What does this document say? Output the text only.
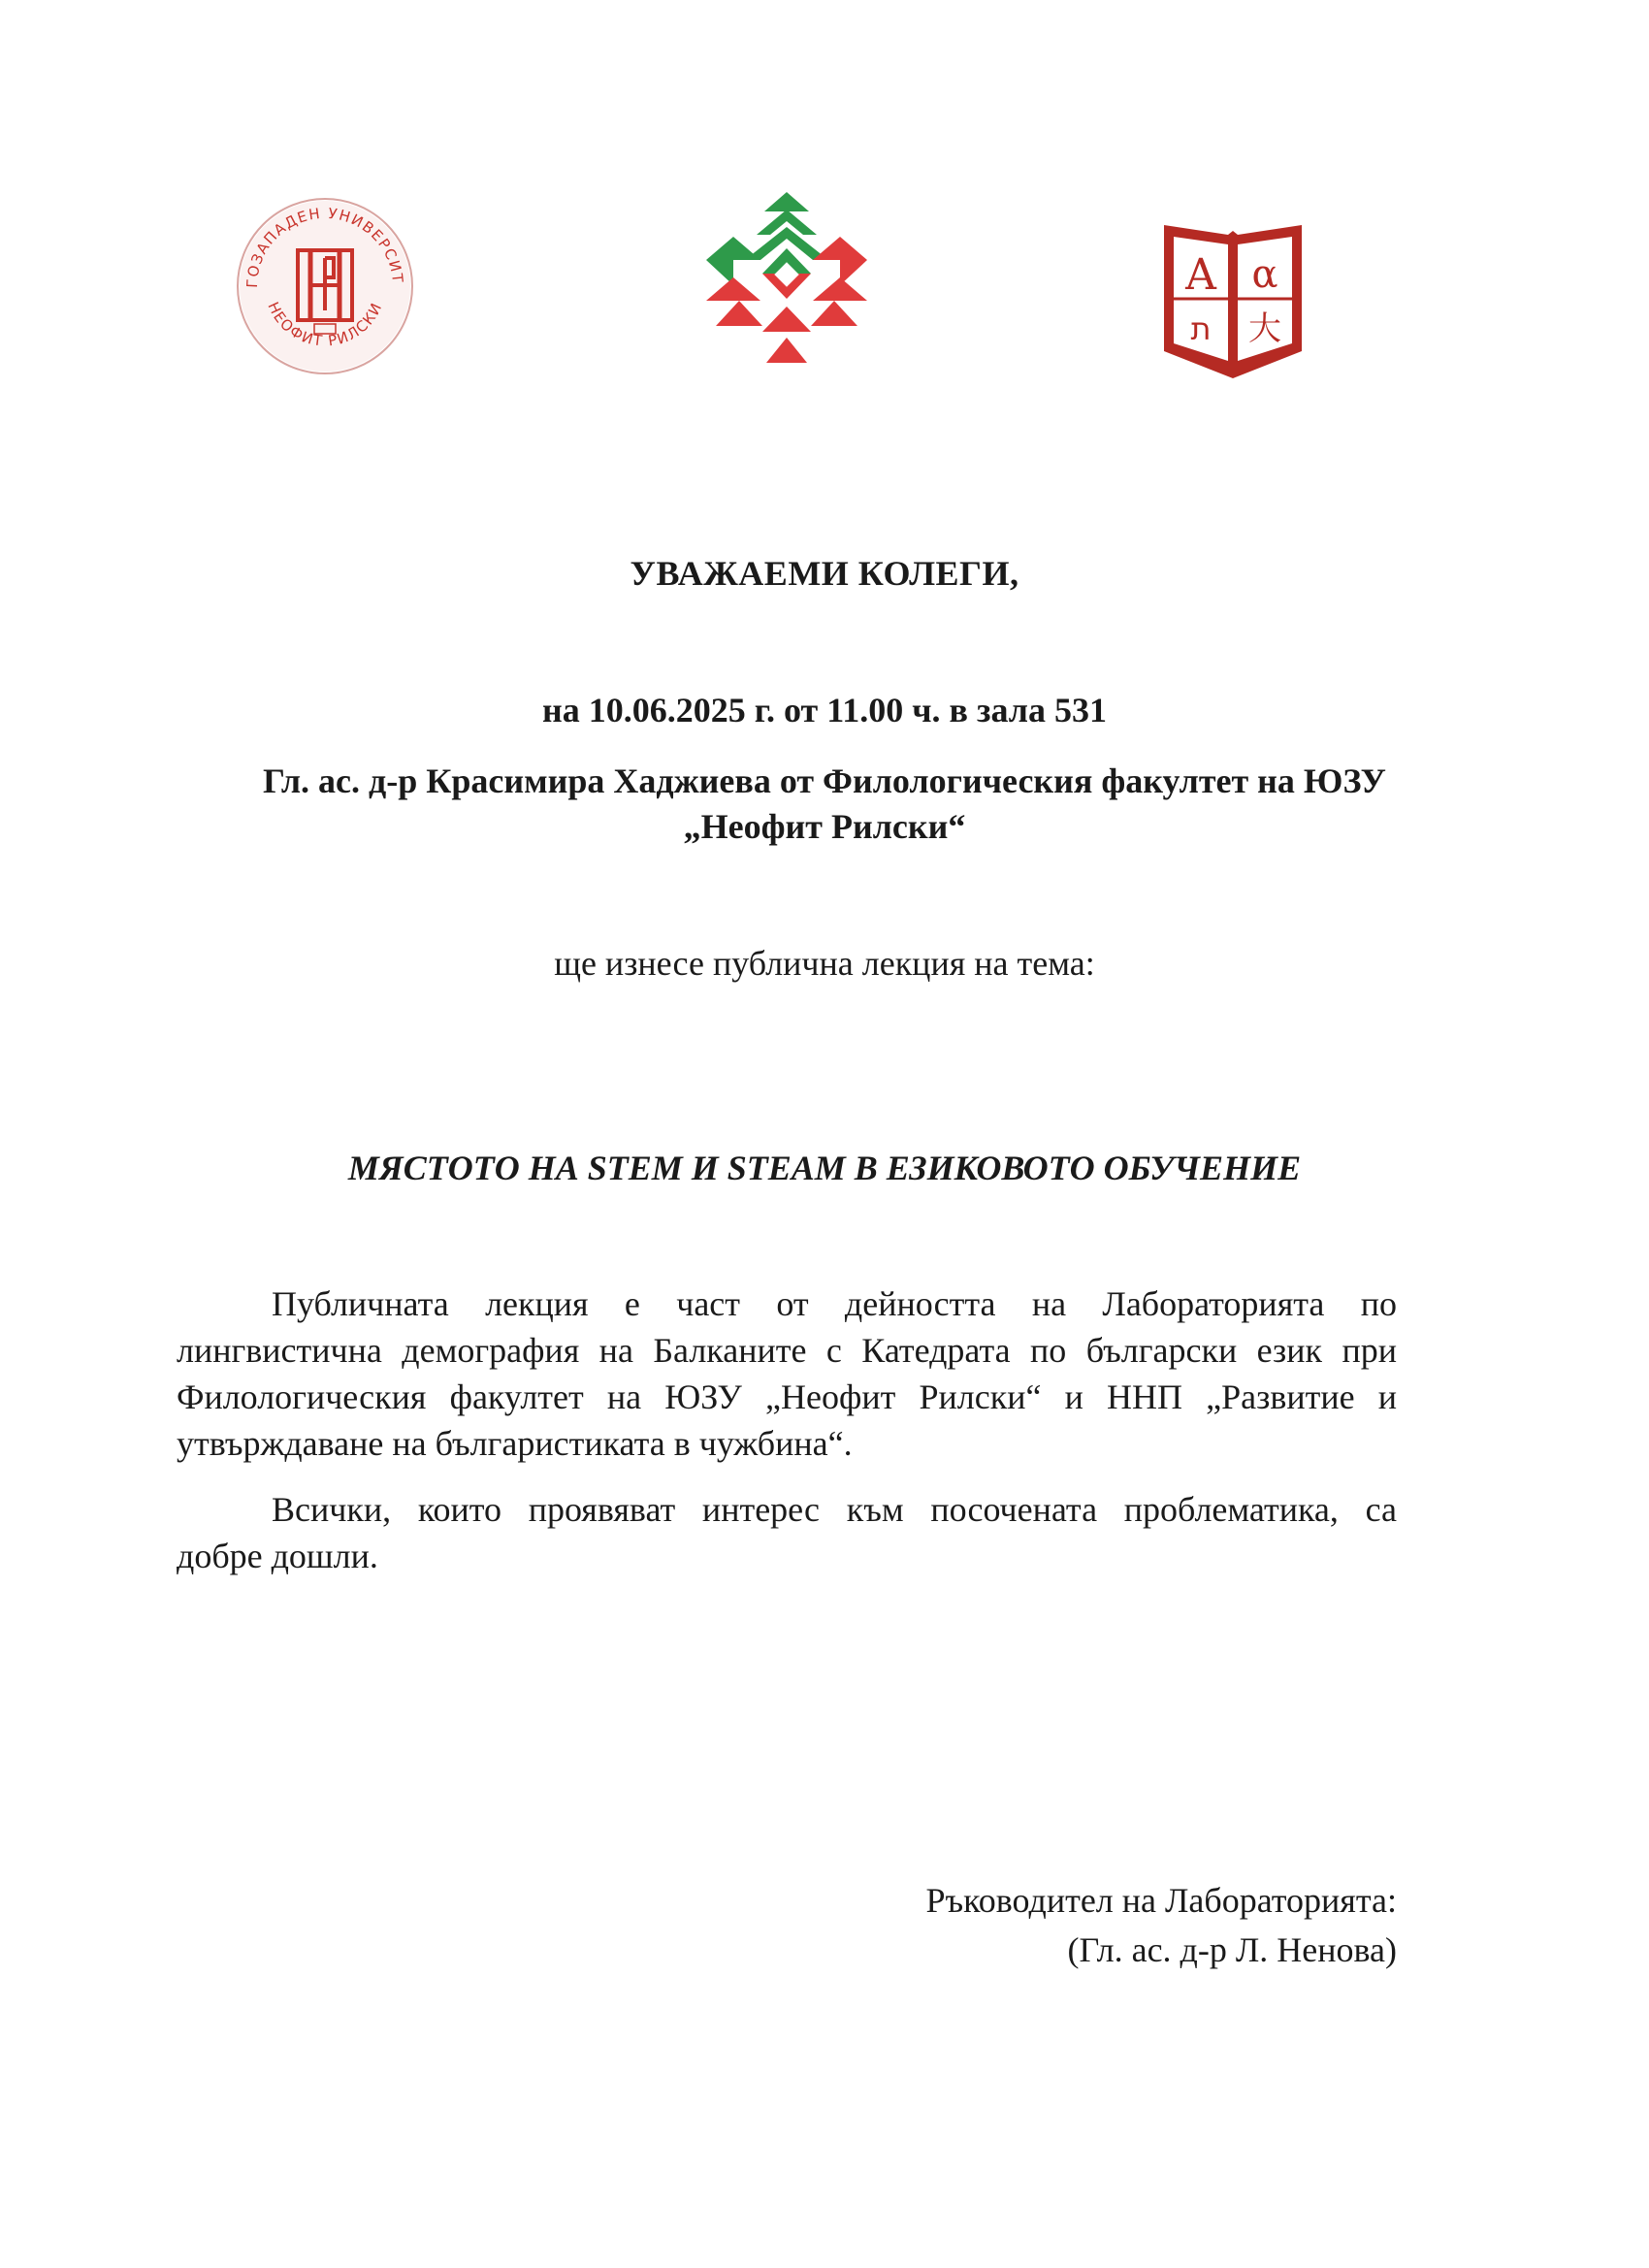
ГОЗАПАДЕН УНИВЕРСИТ
НЕОФИТ РИЛСКИ
Α α
ת 大
УВАЖАЕМИ КОЛЕГИ,
на 10.06.2025 г. от 11.00 ч. в зала 531
Гл. ас. д-р Красимира Хаджиева от Филологическия факултет на ЮЗУ
„Неофит Рилски“
ще изнесе публична лекция на тема:
МЯСТОТО НА STEM И STEAM В ЕЗИКОВОТО ОБУЧЕНИЕ
Публичната лекция е част от дейността на Лабораторията по
лингвистична демография на Балканите с Катедрата по български език при
Филологическия факултет на ЮЗУ „Неофит Рилски“ и ННП „Развитие и
утвърждаване на българистиката в чужбина“.
Всички, които проявяват интерес към посочената проблематика, са
добре дошли.
Ръководител на Лабораторията:
(Гл. ас. д-р Л. Ненова)
